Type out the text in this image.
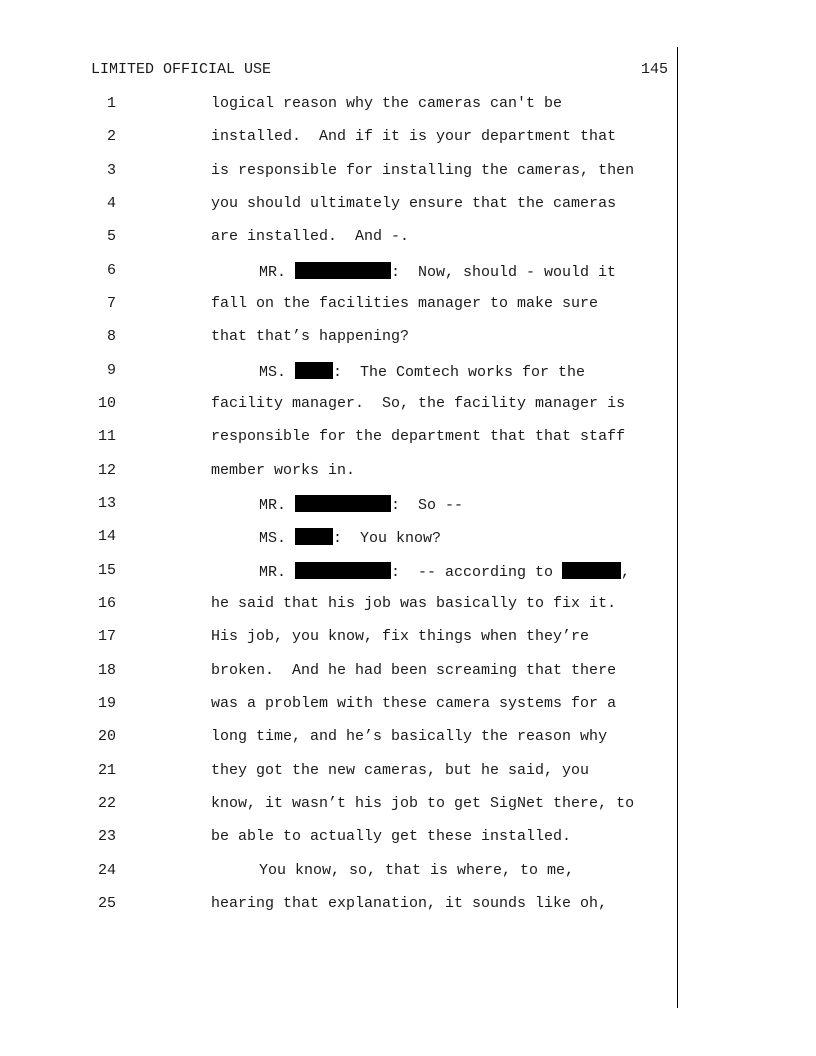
LIMITED OFFICIAL USE	145

1

	logical reason why the cameras can't be

2

	installed.  And if it is your department that

3

	is responsible for installing the cameras, then

4

	you should ultimately ensure that the cameras

5

	are installed.  And -.

6

	MR.	:  Now, should - would it

7

	fall on the facilities manager to make sure

8

	that that’s happening?

9

	MS.	:  The Comtech works for the

10

	facility manager.  So, the facility manager is

11

	responsible for the department that that staff

12

	member works in.

13

	MR.	:  So --

14

	MS.	:  You know?

15

	MR.	:  -- according to	,

16

	he said that his job was basically to fix it.

17

	His job, you know, fix things when they’re

18

	broken.  And he had been screaming that there

19

	was a problem with these camera systems for a

20

	long time, and he’s basically the reason why

21

	they got the new cameras, but he said, you

22

	know, it wasn’t his job to get SigNet there, to

23

	be able to actually get these installed.

24

	You know, so, that is where, to me,

25

	hearing that explanation, it sounds like oh,
